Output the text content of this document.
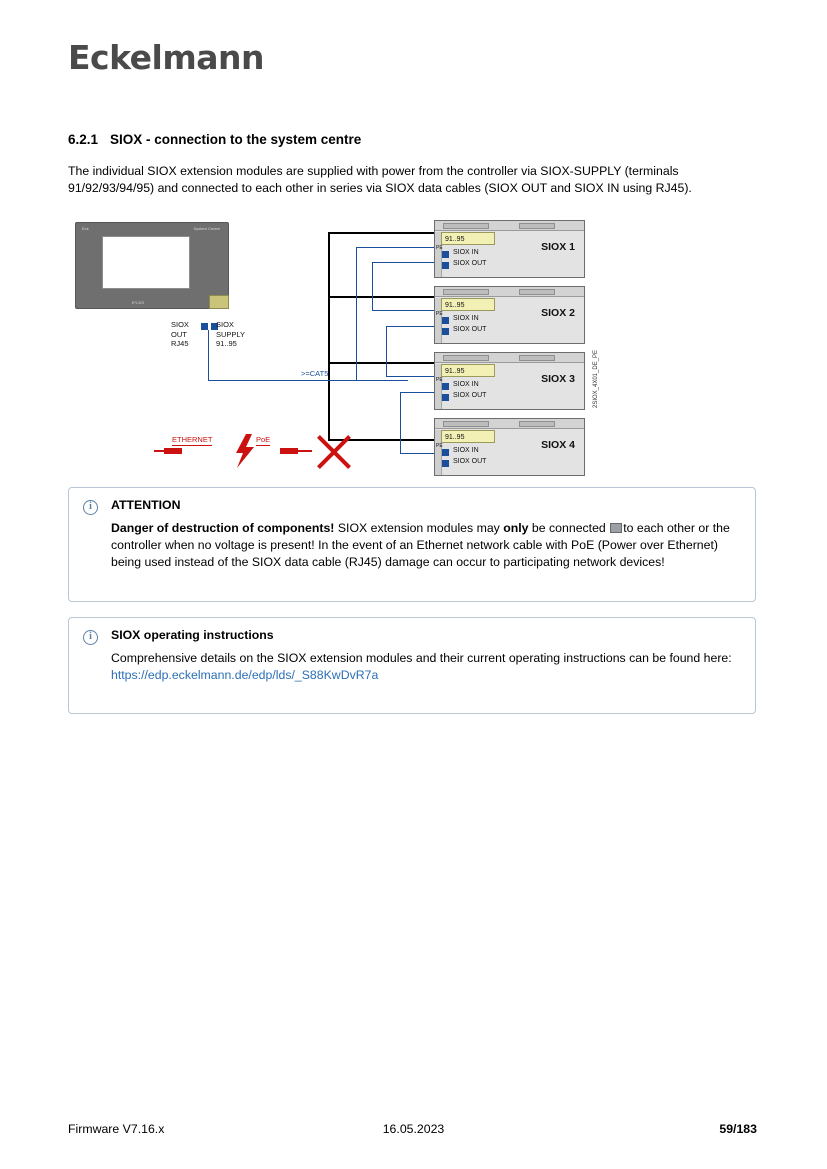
Eckelmann
6.2.1 SIOX - connection to the system centre
The individual SIOX extension modules are supplied with power from the controller via SIOX-SUPPLY (terminals 91/92/93/94/95) and connected to each other in series via SIOX data cables (SIOX OUT and SIOX IN using RJ45).
Eck	System Centre
E*LDS
SIOX
OUT
RJ45
SIOX
SUPPLY
91..95
>=CAT5
PE
91..95
SIOX IN
SIOX OUT
SIOX 1
PE
91..95
SIOX IN
SIOX OUT
SIOX 2
PE
91..95
SIOX IN
SIOX OUT
SIOX 3
PE
91..95
SIOX IN
SIOX OUT
SIOX 4
2SIOX_4X01_DE_PE
ETHERNET	PoE
i	ATTENTION
Danger of destruction of components! SIOX extension modules may only be connected to each other or the controller when no voltage is present! In the event of an Ethernet network cable with PoE (Power over Ethernet) being used instead of the SIOX data cable (RJ45) damage can occur to participating network devices!
i	SIOX operating instructions
Comprehensive details on the SIOX extension modules and their current operating instructions can be found here:
https://edp.eckelmann.de/edp/lds/_S88KwDvR7a
Firmware V7.16.x	16.05.2023	59/183
